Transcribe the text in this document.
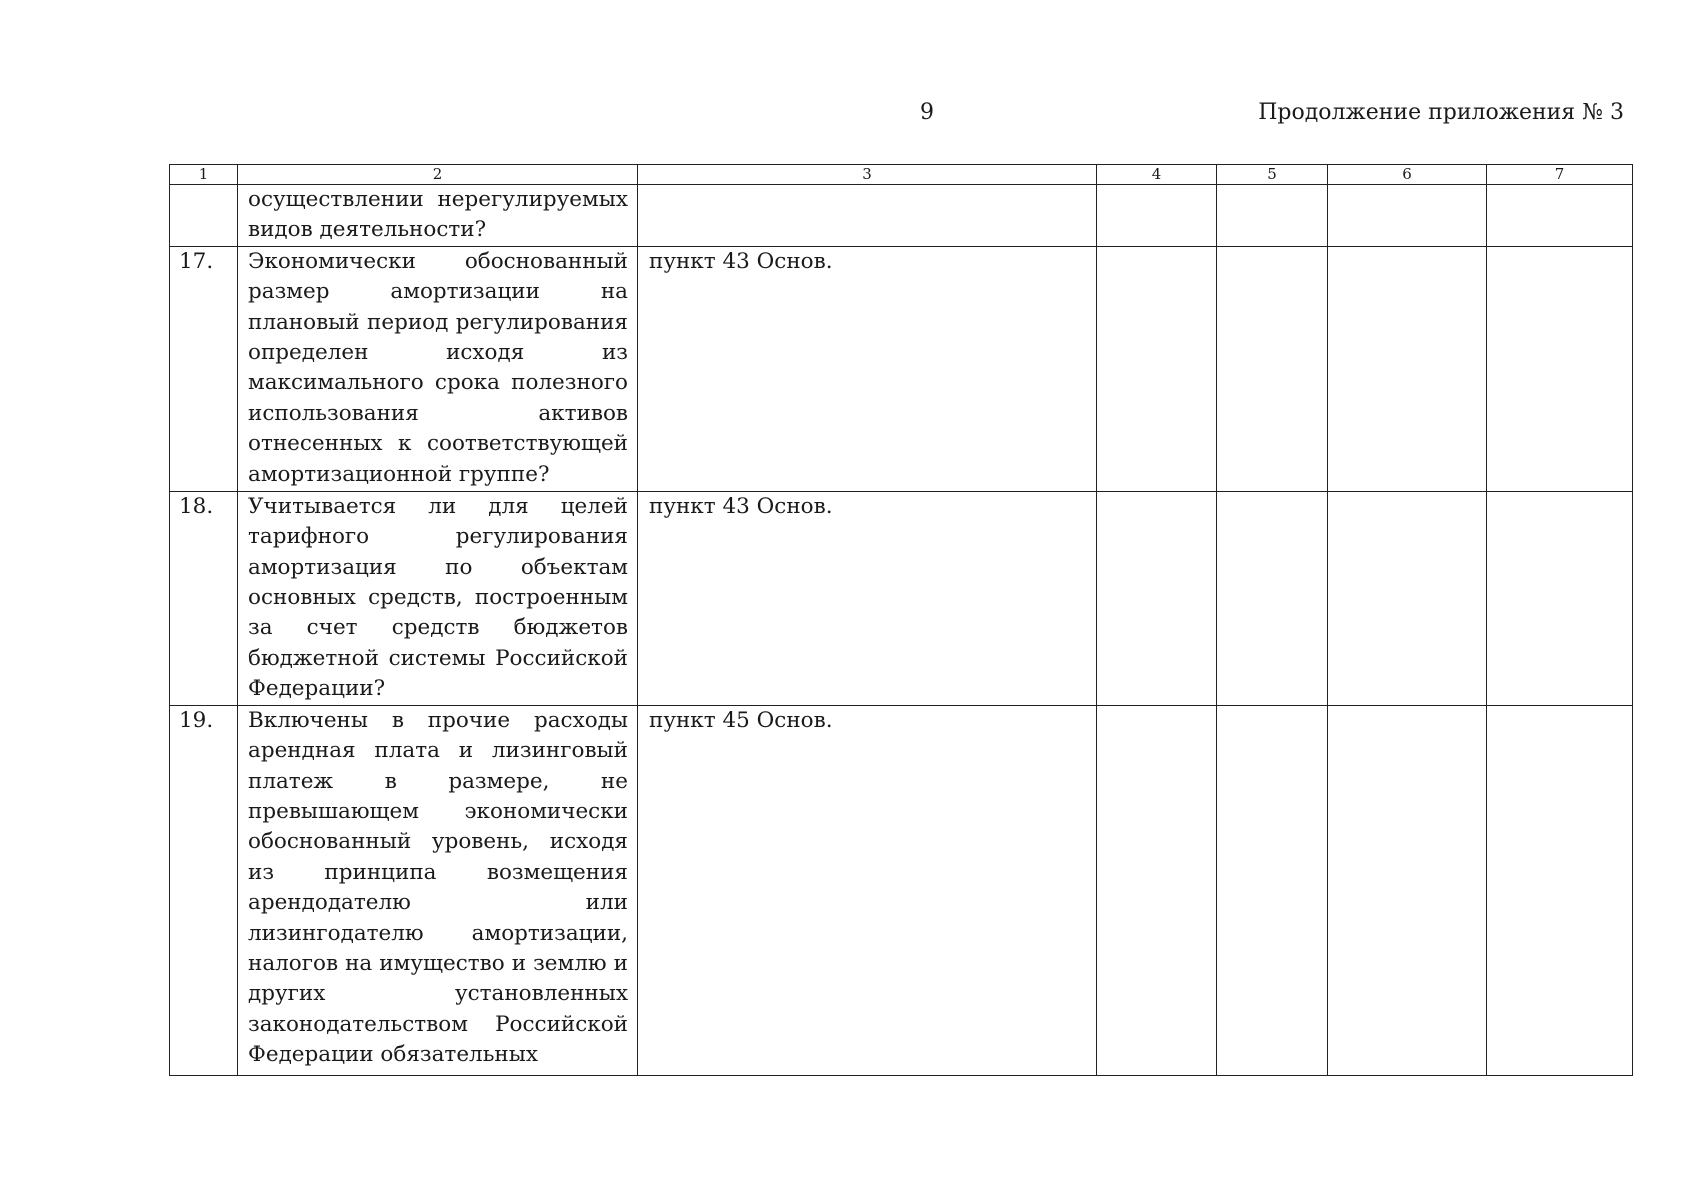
9	Продолжение приложения № 3
1	2	3	4	5	6	7

	осуществлении нерегулируемых видов деятельности?					

17.	Экономически обоснованный размер амортизации на плановый период регулирования определен исходя из максимального срока полезного использования активов отнесенных к соответствующей амортизационной группе?	пункт 43 Основ.				
18.	Учитывается ли для целей тарифного регулирования амортизация по объектам основных средств, построенным за счет средств бюджетов бюджетной системы Российской Федерации?	пункт 43 Основ.				
19.	Включены в прочие расходы арендная плата и лизинговый платеж в размере, не превышающем экономически обоснованный уровень, исходя из принципа возмещения арендодателю или лизингодателю амортизации, налогов на имущество и землю и других установленных законодательством Российской Федерации обязательных	пункт 45 Основ.				
